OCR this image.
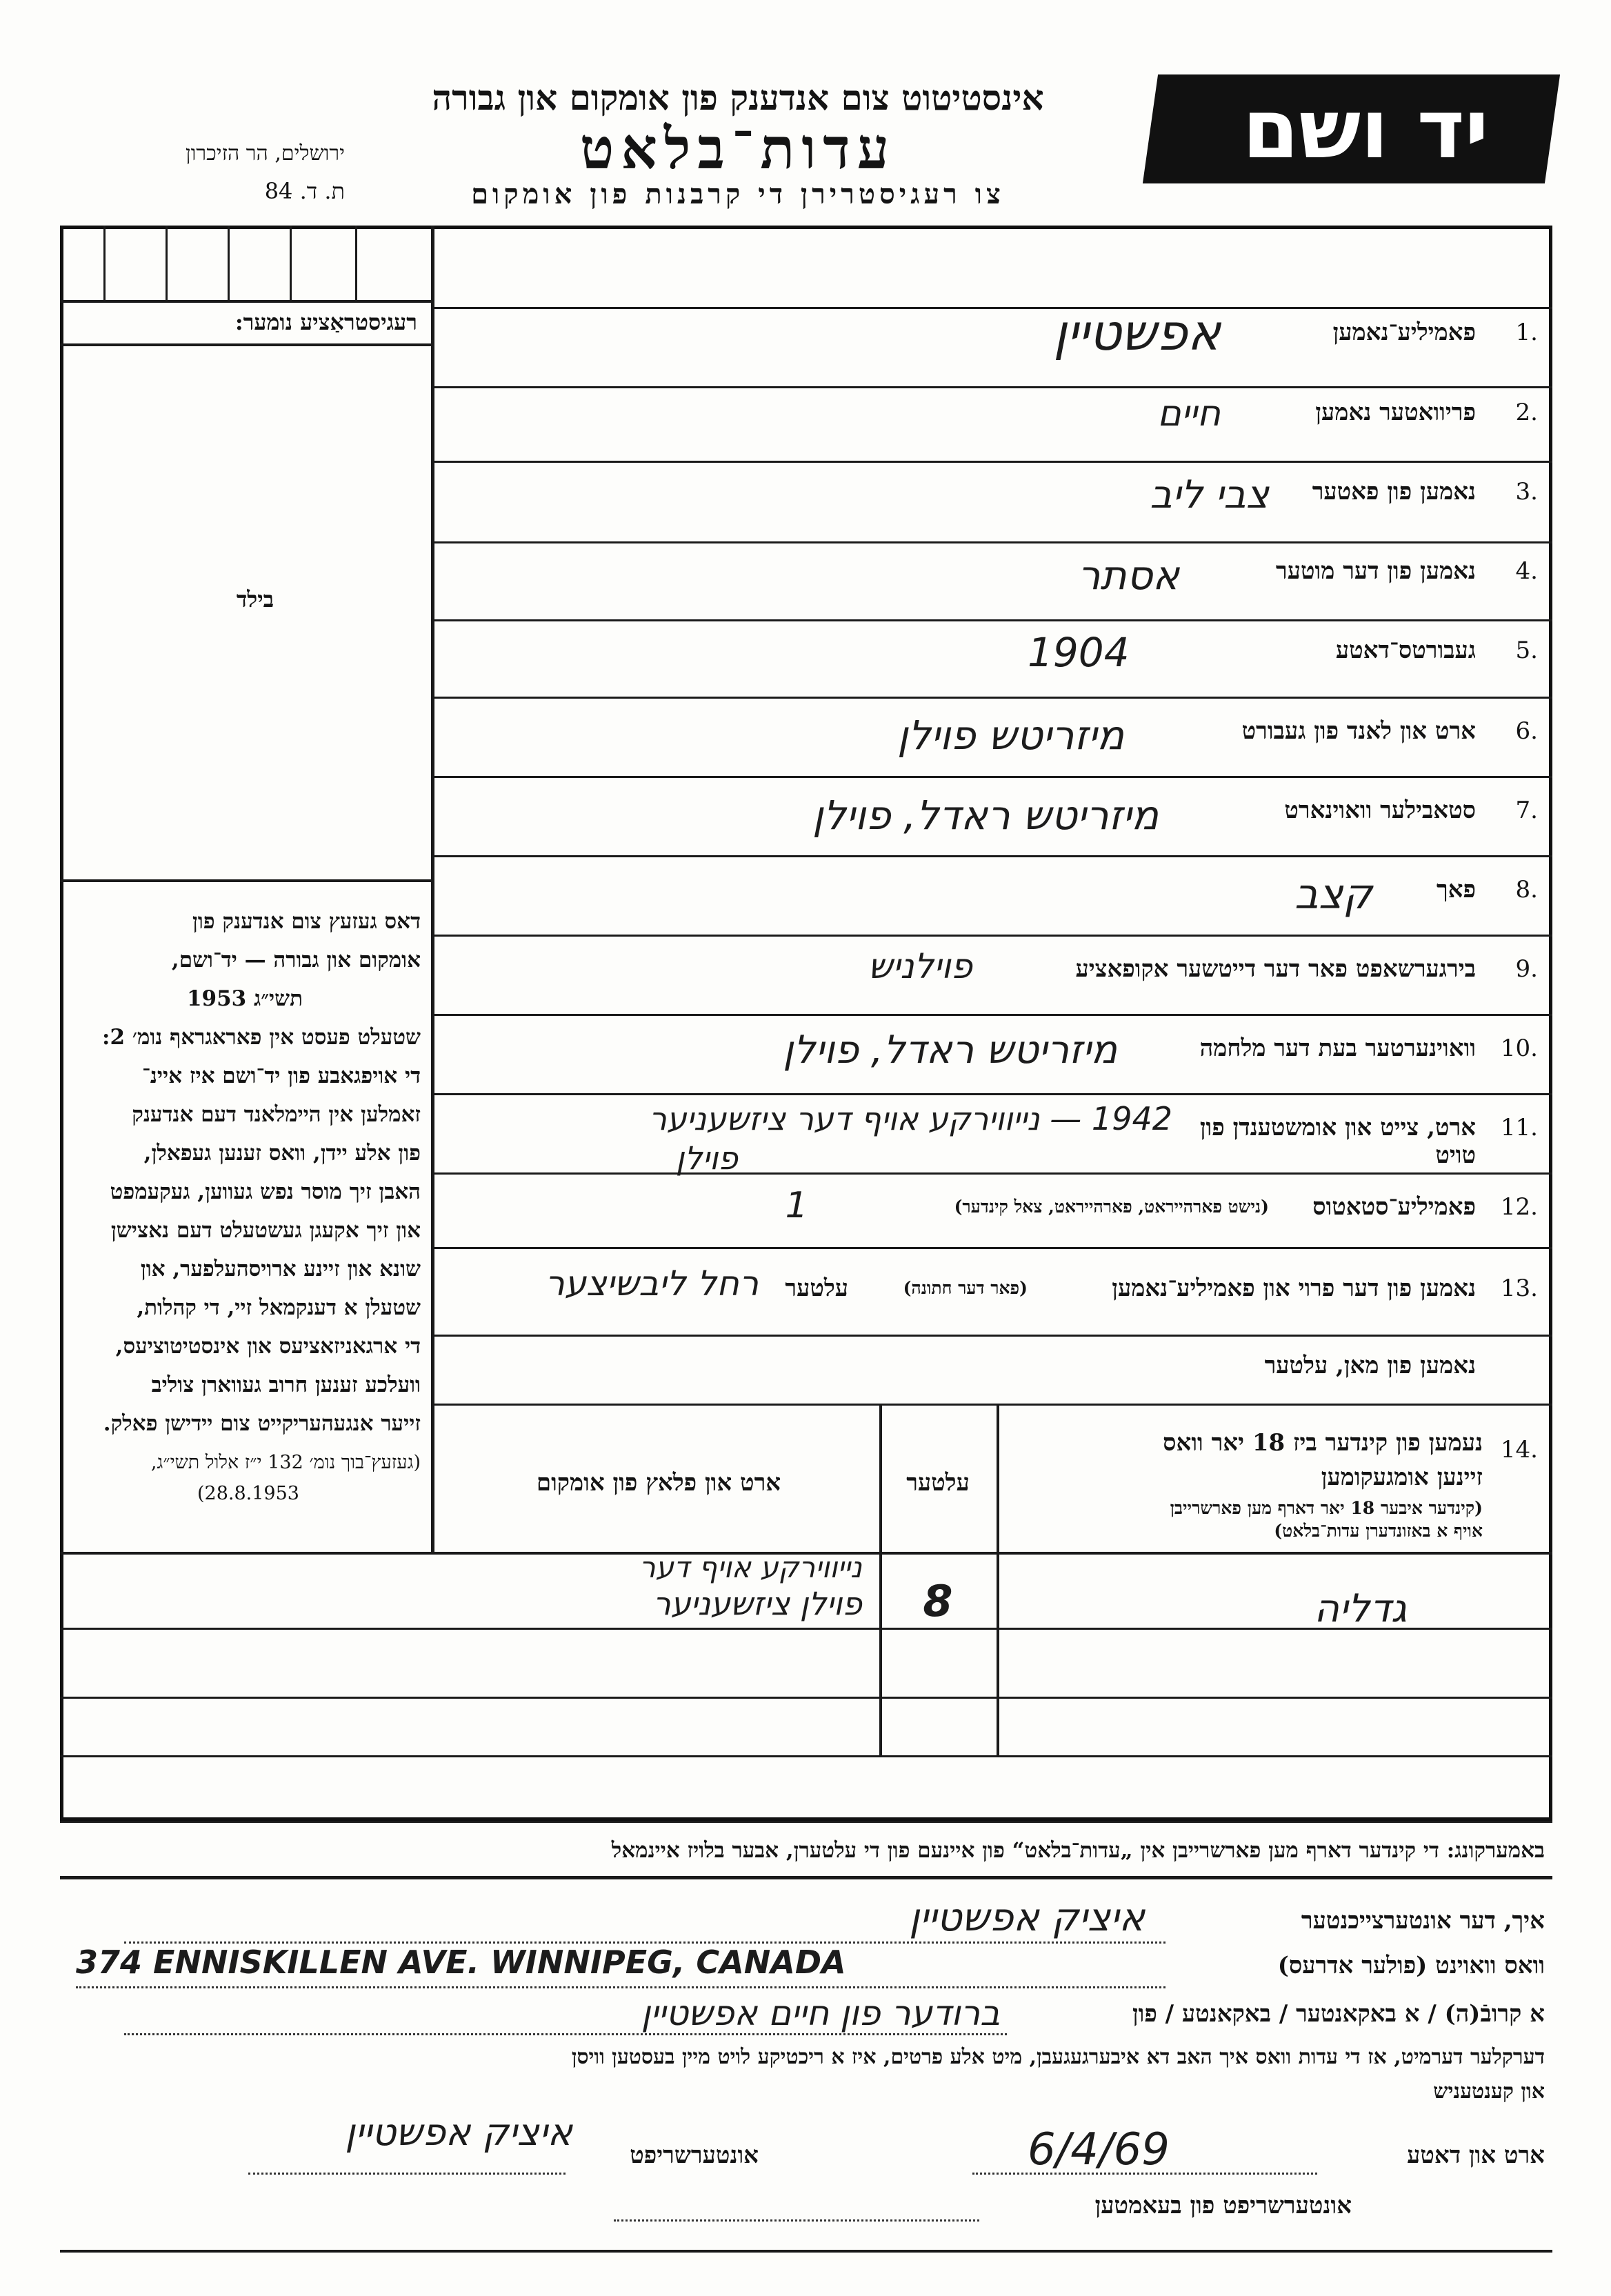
יד ושם
אינסטיטוט צום אנדענק פון אומקום און גבורה
עדות־בלאט
צו רעגיסטרירן די קרבנות פון אומקום
ירושלים, הר הזיכרון
ת. ד. 84
רעגיסטראַציע נומער:
בילד
דאס געזעץ צום אנדענק פון
אומקום און גבורה — יד־ושם,
תשי״ג 1953
שטעלט פעסט אין פאראגראף נומ׳ 2:
די אויפגאבע פון יד־ושם איז איינ־
זאמלען אין היימלאנד דעם אנדענק
פון אלע יידן, וואס זענען געפאלן,
האבן זיך מוסר נפש געווען, געקעמפט
און זיך אקעגן געשטעלט דעם נאצישן
שונא און זיינע ארויסהעלפער, און
שטעלן א דענקמאל זיי, די קהלות,
די ארגאניזאציעס און אינסטיטוציעס,
וועלכע זענען חרוב געווארן צוליב
זייער אנגעהעריקייט צום יידישן פאלק.
(געזעץ־בוך נומ׳ 132 י״ז אלול תשי״ג,
(28.8.1953
1.
פאמיליע־נאמען
אפשטיין
2.
פריוואטער נאמען
חיים
3.
נאמען פון פאטער
צבי ליב
4.
נאמען פון דער מוטער
אסתר
5.
געבורטס־דאטע
1904
6.
ארט און לאנד פון געבורט
מיזריטש פוילן
7.
סטאבילער וואוינארט
מיזריטש ראדל, פוילן
8.
פאך
קצב
9.
בירגערשאפט פאר דער דייטשער אקופאציע
פוילניש
10.
וואוינערטער בעת דער מלחמה
מיזריטש ראדל, פוילן
11.
ארט, צייט און אומשטענדן פון טויט
1942 — נייווירקע אויף דער ציזשעניער
פוילן
12.
פאמיליע־סטאטוס
(נישט פארהייראט, פארהייראט, צאל קינדער)
1
13.
נאמען פון דער פרוי און פאמיליע־נאמען
(פאר דער חתונה)
עלטער
רחל ליבשיצער
נאמען פון מאן, עלטער
14.
נעמען פון קינדער ביז 18 יאר וואס
זיינען אומגעקומען
(קינדער איבער 18 יאר דארף מען פארשרייבן
אויף א באזונדערן עדות־בלאט)
עלטער
ארט און פלאץ פון אומקום
גדליה
8
נייווירקע אויף דער
פוילן ציזשעניער
באמערקונג: די קינדער דארף מען פארשרייבן אין „עדות־בלאט“ פון איינעם פון די עלטערן, אבער בלויז איינמאל
איך, דער אונטערצייכנטער
איציק אפשטיין
וואס וואוינט (פולער אדרעס)
374 ENNISKILLEN AVE. WINNIPEG, CANADA
א קרובֿ(ה) / א באקאנטער / באקאנטע / פון
ברודער פון חיים אפשטיין
דערקלער דערמיט, אז די עדות וואס איך האב דא איבערגעגעבן, מיט אלע פרטים, איז א ריכטיקע לויט מיין בעסטען וויסן
און קענטעניש
ארט און דאטע
6/4/69
אונטערשריפט
איציק אפשטיין
אונטערשריפט פון בעאמטען
